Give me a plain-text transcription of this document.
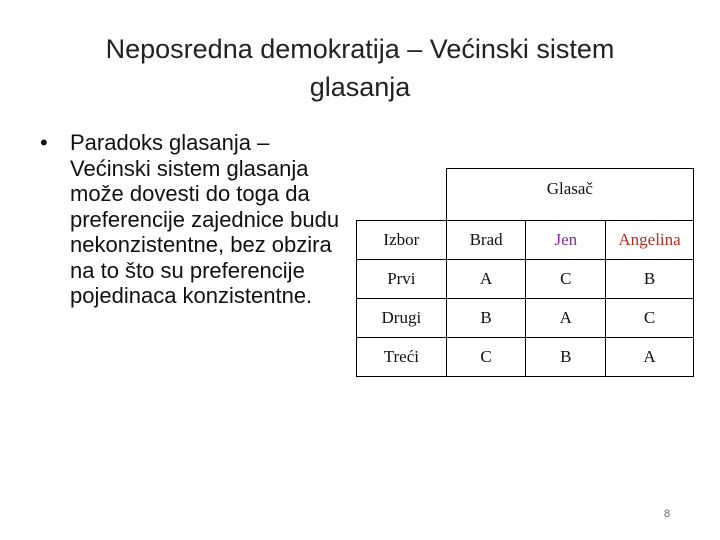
Neposredna demokratija – Većinski sistem glasanja
• Paradoks glasanja – Većinski sistem glasanja može dovesti do toga da preferencije zajednice budu nekonzistentne, bez obzira na to što su preferencije pojedinaca konzistentne.
	Glasač		
Izbor	Brad	Jen	Angelina
Prvi	A	C	B
Drugi	B	A	C
Treći	C	B	A
8
